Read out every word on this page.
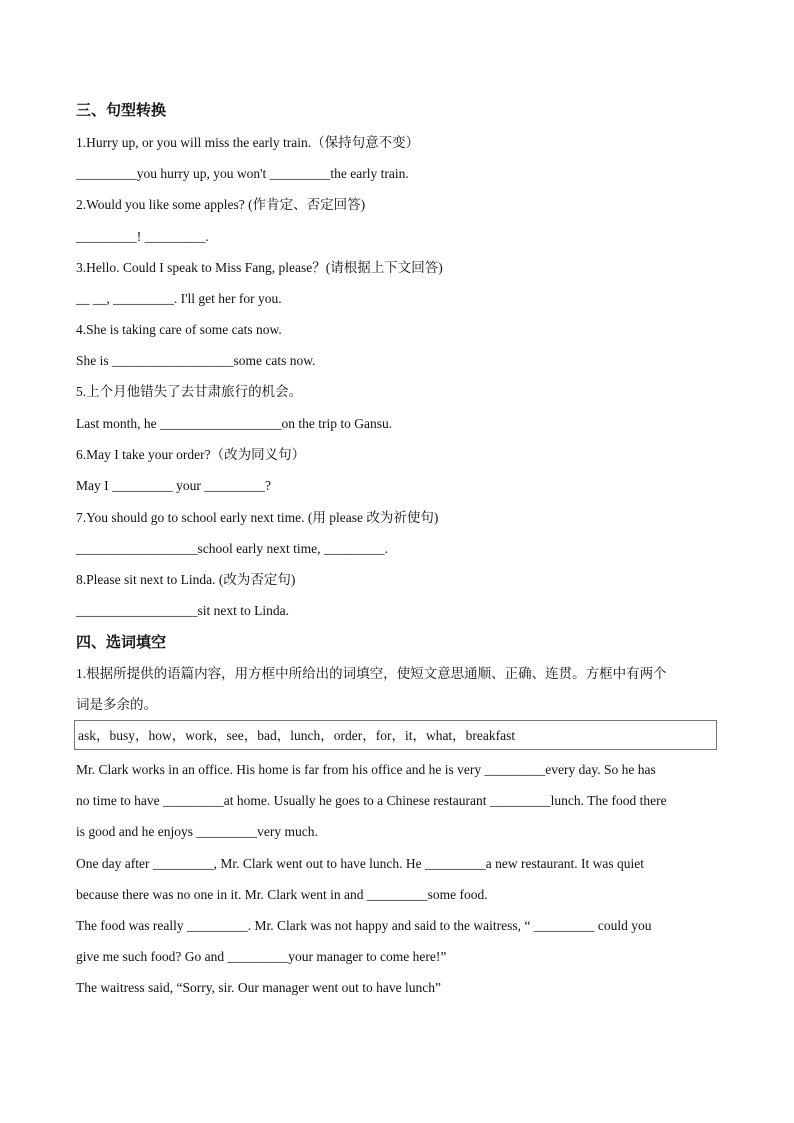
三、句型转换
1.Hurry up, or you will miss the early train.（保持句意不变）
_________you hurry up, you won't _________the early train.
2.Would you like some apples? (作肯定、否定回答)
_________! _________.
3.Hello. Could I speak to Miss Fang, please？(请根据上下文回答)
__ __, _________. I'll get her for you.
4.She is taking care of some cats now.
She is __________________some cats now.
5.上个月他错失了去甘肃旅行的机会。
Last month, he __________________on the trip to Gansu.
6.May I take your order?（改为同义句）
May I _________ your _________?
7.You should go to school early next time. (用 please 改为祈使句)
__________________school early next time, _________.
8.Please sit next to Linda. (改为否定句)
__________________sit next to Linda.
四、选词填空
1.根据所提供的语篇内容，用方框中所给出的词填空，使短文意思通顺、正确、连贯。方框中有两个
词是多余的。
ask，busy，how，work，see，bad，lunch，order，for，it，what，breakfast
Mr. Clark works in an office. His home is far from his office and he is very _________every day. So he has
no time to have _________at home. Usually he goes to a Chinese restaurant _________lunch. The food there
is good and he enjoys _________very much.
One day after _________, Mr. Clark went out to have lunch. He _________a new restaurant. It was quiet
because there was no one in it. Mr. Clark went in and _________some food.
The food was really _________. Mr. Clark was not happy and said to the waitress, “ _________ could you
give me such food? Go and _________your manager to come here!”
The waitress said, “Sorry, sir. Our manager went out to have lunch”
